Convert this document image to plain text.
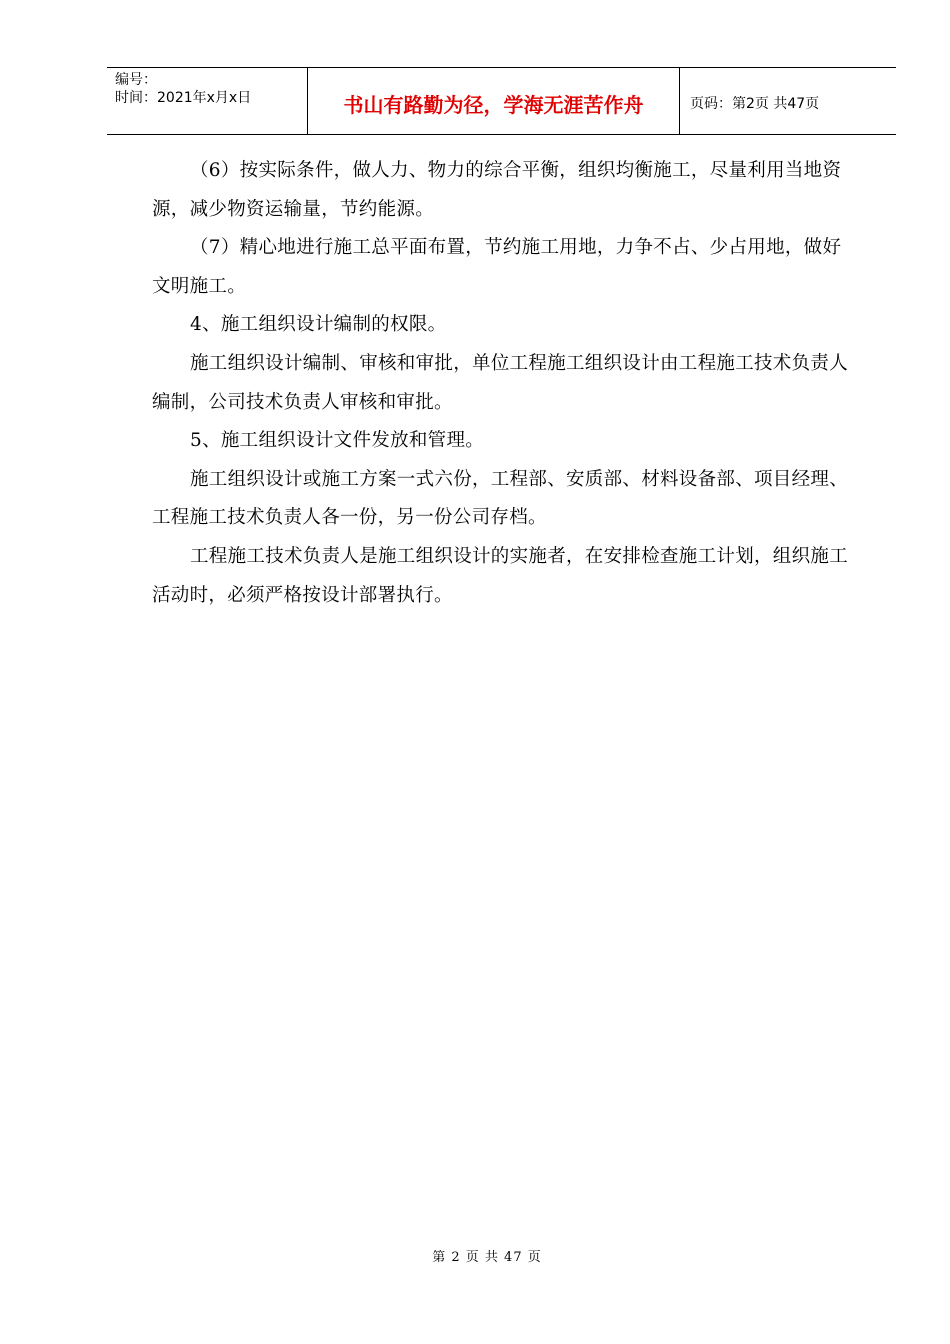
编号：
时间：2021年x月x日	书山有路勤为径，学海无涯苦作舟	页码：第2页 共47页

（6）按实际条件，做人力、物力的综合平衡，组织均衡施工，尽量利用当地资源，减少物资运输量，节约能源。

（7）精心地进行施工总平面布置，节约施工用地，力争不占、少占用地，做好文明施工。

4、施工组织设计编制的权限。

施工组织设计编制、审核和审批，单位工程施工组织设计由工程施工技术负责人编制，公司技术负责人审核和审批。

5、施工组织设计文件发放和管理。

施工组织设计或施工方案一式六份，工程部、安质部、材料设备部、项目经理、工程施工技术负责人各一份，另一份公司存档。

工程施工技术负责人是施工组织设计的实施者，在安排检查施工计划，组织施工活动时，必须严格按设计部署执行。

第 2 页 共 47 页
